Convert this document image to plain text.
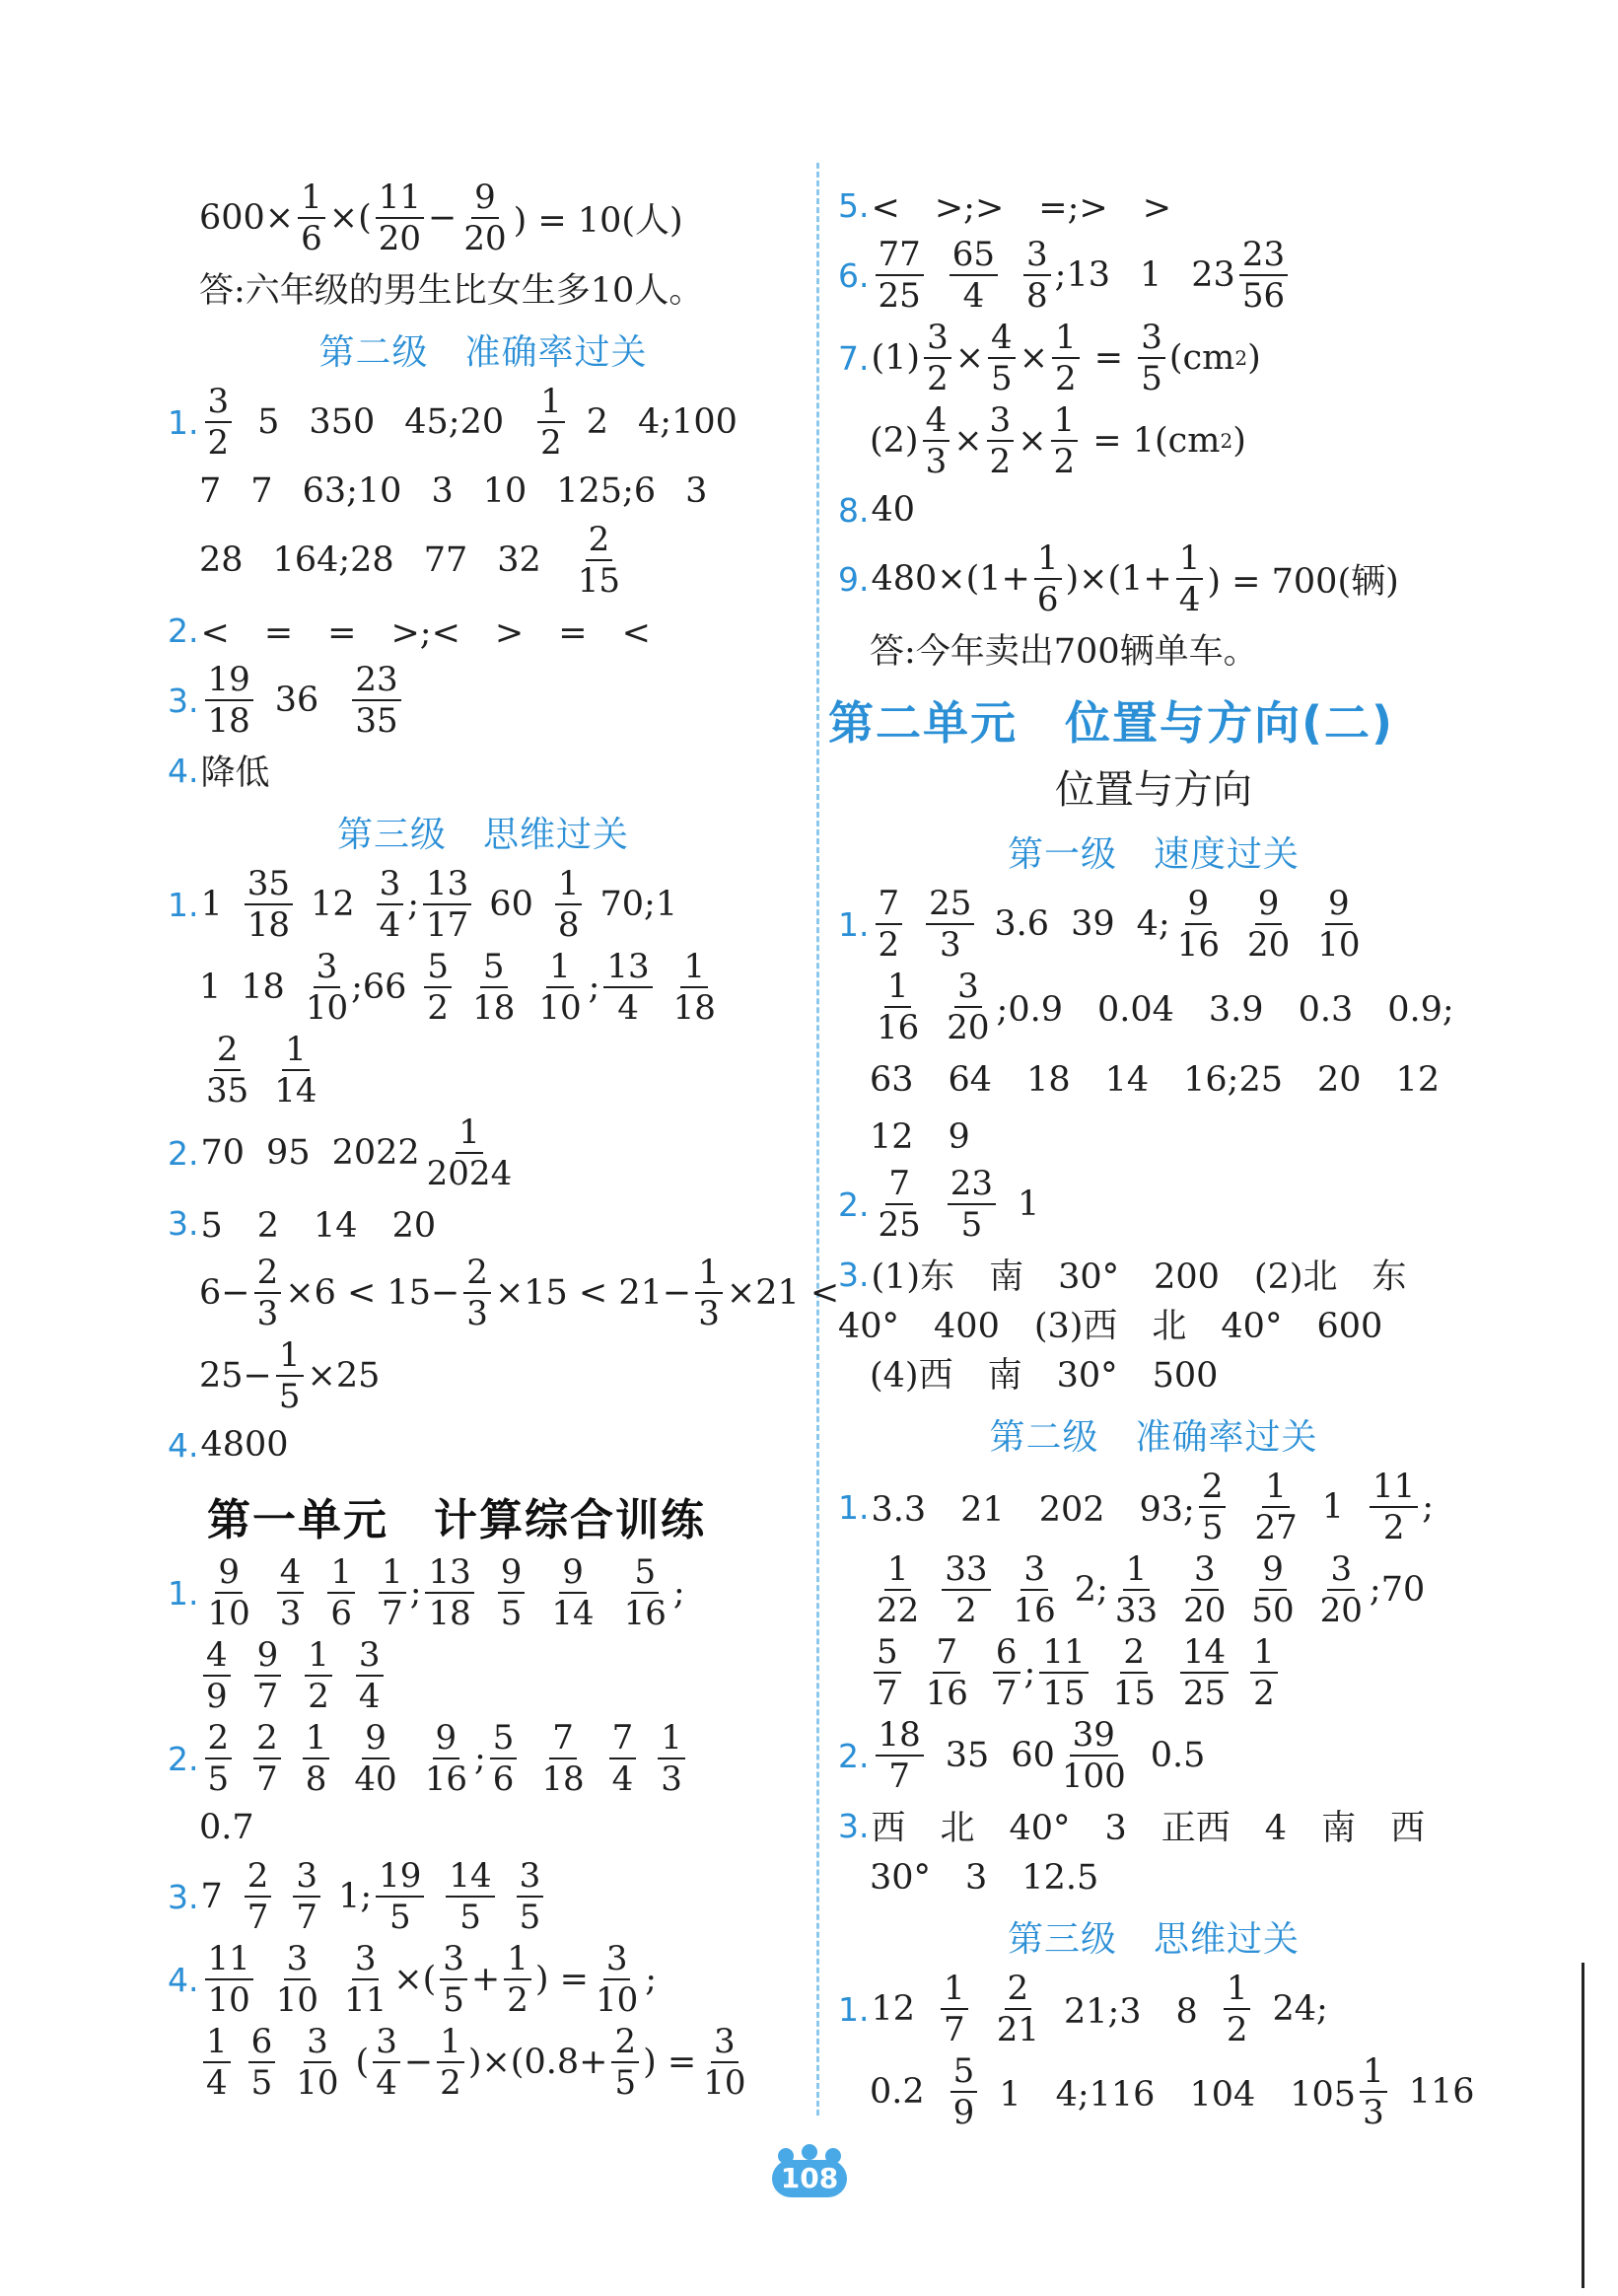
$600\times \frac{1}{6}$ ×( $\frac{11}{20} - \frac{9}{20}$ ) = 10(人)
答:六年级的男生比女生多10人。
第二级　准确率过关
1. $\frac{3}{2} 5$ 350 45;20 $\frac{1}{2} 2$ 4;100
7 7 63;10 3 10 125;6 3
28 164;28 77 $32 \frac{2}{15}$
2. <　=　=　>;<　>　=　<
3. $\frac{19}{18} 36 \frac{23}{35}$
4. 降低
第三级　思维过关
1. $1 \frac{35}{18} 12 \frac{3}{4}$ ; $\frac{13}{17} 60 \frac{1}{8}$ 70;1
1 $18 \frac{3}{10}$ ;66 $\frac{5}{2} \frac{5}{18} \frac{1}{10}$ ; $\frac{13}{4} \frac{1}{18}$
$\frac{2}{35} \frac{1}{14}$
2. 70 95 $2022 \frac{1}{2024}$
3. 5　2　14　20
$6- \frac{2}{3} \times 6 < 15- \frac{2}{3} \times 15 < 21- \frac{1}{3} \times 21$ <
$25- \frac{1}{5} \times 25$
4. 4800
第一单元　计算综合训练
1. $\frac{9}{10} \frac{4}{3} \frac{1}{6} \frac{1}{7}$ ; $\frac{13}{18} \frac{9}{5} \frac{9}{14} \frac{5}{16}$ ;
$\frac{4}{9} \frac{9}{7} \frac{1}{2} \frac{3}{4}$
2. $\frac{2}{5} \frac{2}{7} \frac{1}{8} \frac{9}{40} \frac{9}{16}$ ; $\frac{5}{6} \frac{7}{18} \frac{7}{4} \frac{1}{3}$
0.7
3. $7 \frac{2}{7} \frac{3}{7} 1$; $\frac{19}{5} \frac{14}{5} \frac{3}{5}$
4. $\frac{11}{10} \frac{3}{10} \frac{3}{11}$ ×( $\frac{3}{5} + \frac{1}{2}$ ) = $\frac{3}{10}$ ;
$\frac{1}{4} \frac{6}{5} \frac{3}{10}$ ( $\frac{3}{4} - \frac{1}{2} )\times(0.8+ \frac{2}{5}$ ) = $\frac{3}{10}$
5. <　>;>　=;>　>
6. $\frac{77}{25} \frac{65}{4} \frac{3}{8}$ ;13 1 $23 \frac{23}{56}$
7. $(1) \frac{3}{2} \times \frac{4}{5} \times \frac{1}{2} = \frac{3}{5} (cm$ 2 )
$(2) \frac{4}{3} \times \frac{3}{2} \times \frac{1}{2} = 1(cm$ 2 )
8. 40
9. $480\times(1+ \frac{1}{6} )\times(1+ \frac{1}{4}$ ) = 700(辆)
答:今年卖出700辆单车。
第二单元　位置与方向(二)
位置与方向
第一级　速度过关
1. $\frac{7}{2} \frac{25}{3} 3.6$ 39 4; $\frac{9}{16} \frac{9}{20} \frac{9}{10}$
$\frac{1}{16} \frac{3}{20}$ ;0.9　0.04　3.9　0.3　0.9;
63　64　18　14　16;25　20　12
12　9
2. $\frac{7}{25} \frac{23}{5} 1$
3. (1)东　南　30°　200　(2)北　东
40°　400　(3)西　北　40°　600
(4)西　南　30°　500
第二级　准确率过关
1. 3.3　21　202　93; $\frac{2}{5} \frac{1}{27} 1 \frac{11}{2}$ ;
$\frac{1}{22} \frac{33}{2} \frac{3}{16} 2$; $\frac{1}{33} \frac{3}{20} \frac{9}{50} \frac{3}{20}$ ;70
$\frac{5}{7} \frac{7}{16} \frac{6}{7}$ ; $\frac{11}{15} \frac{2}{15} \frac{14}{25} \frac{1}{2}$
2. $\frac{18}{7} 35$ $60 \frac{39}{100} 0.5$
3. 西　北　40°　3　正西　4　南　西
30°　3　12.5
第三级　思维过关
1. $12 \frac{1}{7} \frac{2}{21}$ 21;3　$8 \frac{1}{2} 24$;
$0.2 \frac{5}{9} 1$　4;116　104　$105 \frac{1}{3} 116$
108
